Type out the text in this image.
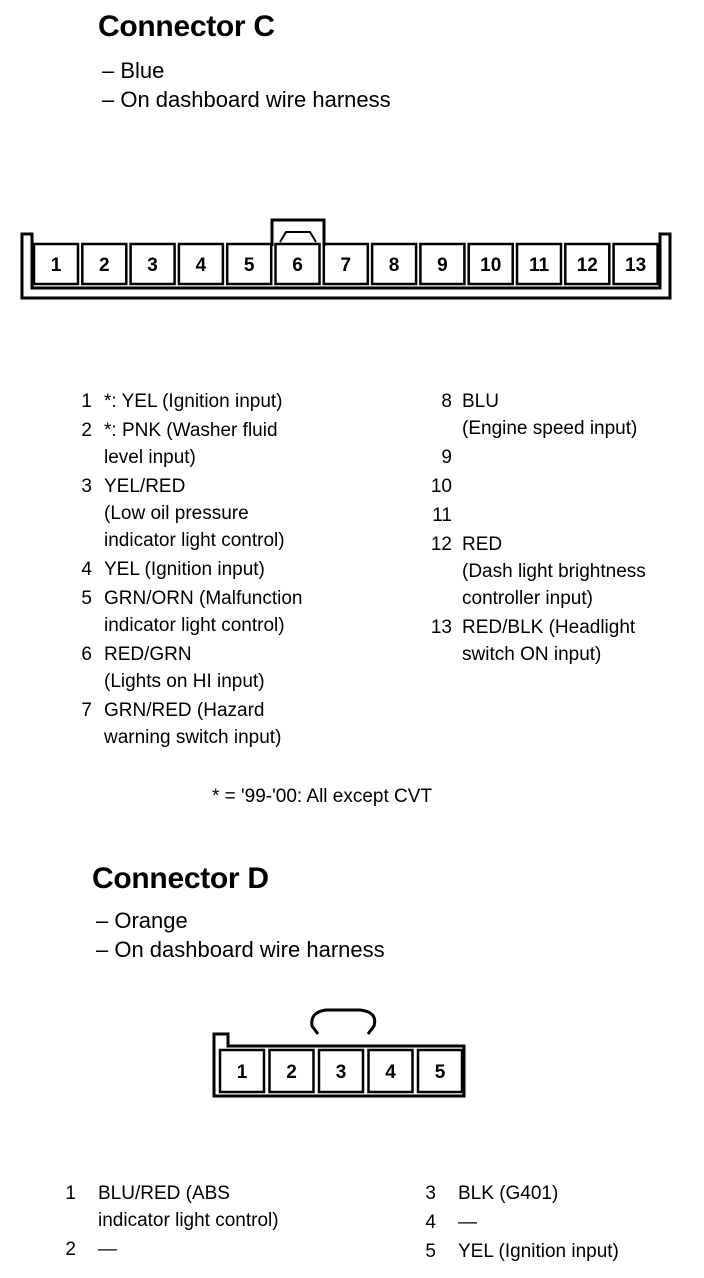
Connector C
– Blue
– On dashboard wire harness
1 2 3 4 5 6 7 8 9 10 11 12 13
1 *: YEL (Ignition input)
2 *: PNK (Washer fluid
level input)
3 YEL/RED
(Low oil pressure
indicator light control)
4 YEL (Ignition input)
5 GRN/ORN (Malfunction
indicator light control)
6 RED/GRN
(Lights on HI input)
7 GRN/RED (Hazard
warning switch input)
8 BLU
(Engine speed input)
9
10
11
12 RED
(Dash light brightness
controller input)
13 RED/BLK (Headlight
switch ON input)
* = '99-'00: All except CVT
Connector D
– Orange
– On dashboard wire harness
1 2 3 4 5
1 BLU/RED (ABS
indicator light control)
2 —
3 BLK (G401)
4 —
5 YEL (Ignition input)
